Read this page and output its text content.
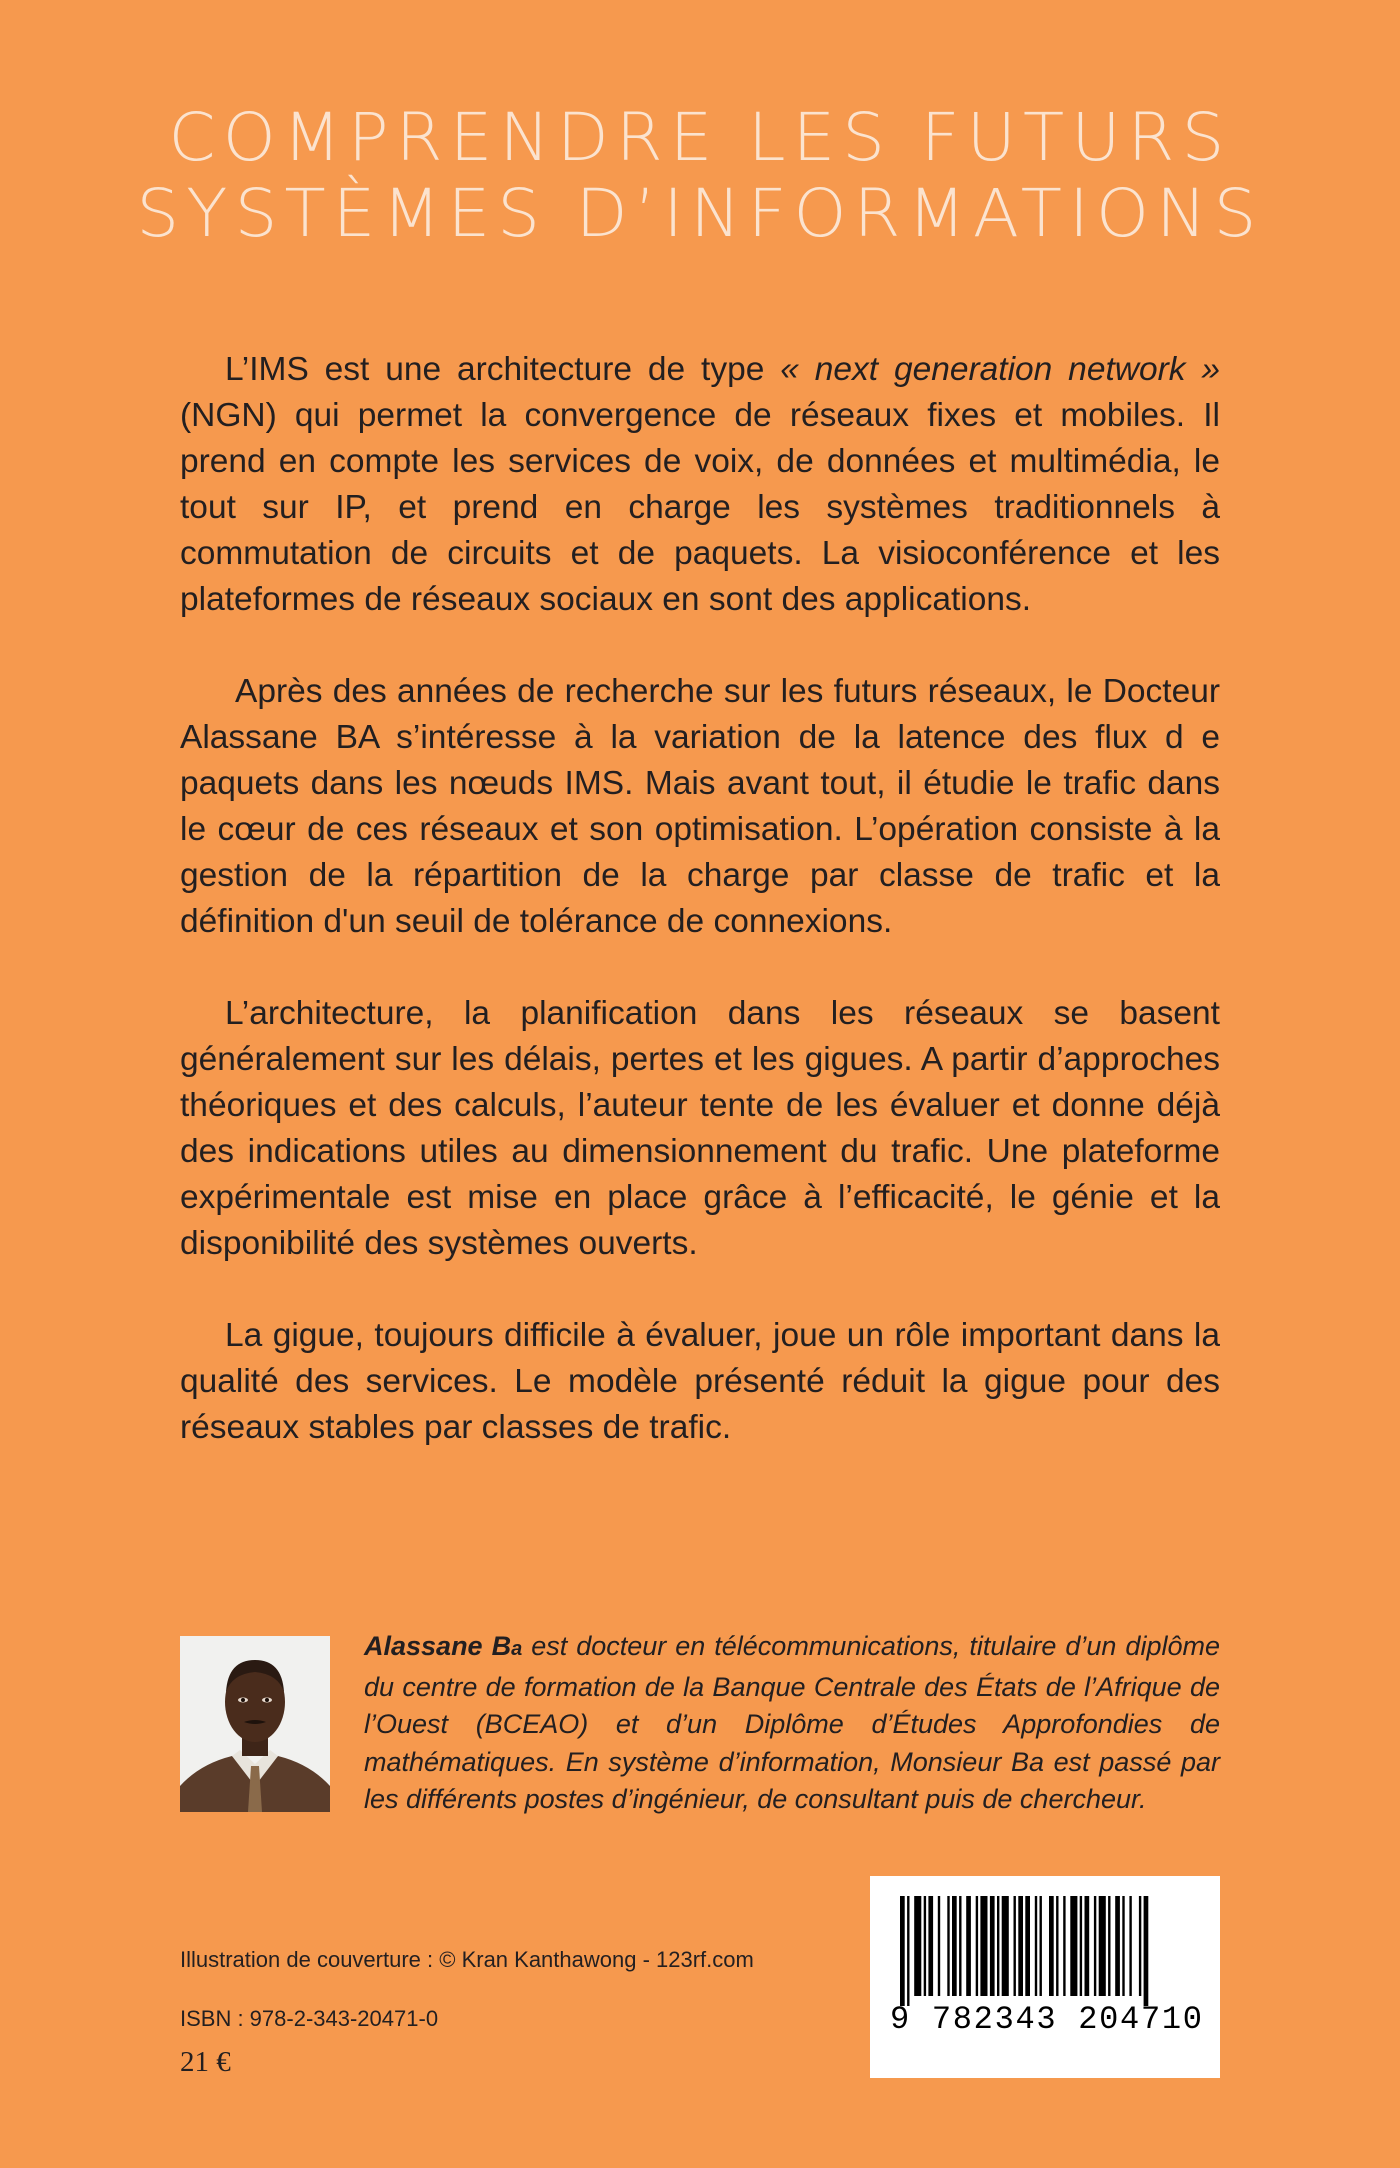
COMPRENDRE LES FUTURS
SYSTÈMES D’INFORMATIONS

L’IMS est une architecture de type « next generation network » (NGN) qui permet la convergence de réseaux fixes et mobiles. Il prend en compte les services de voix, de données et multimédia, le tout sur IP, et prend en charge les systèmes traditionnels à commutation de circuits et de paquets. La visioconférence et les plateformes de réseaux sociaux en sont des applications.

Après des années de recherche sur les futurs réseaux, le Docteur Alassane BA s’intéresse à la variation de la latence des flux d e paquets dans les nœuds IMS. Mais avant tout, il étudie le trafic dans le cœur de ces réseaux et son optimisation. L’opération consiste à la gestion de la répartition de la charge par classe de trafic et la définition d'un seuil de tolérance de connexions.

L’architecture, la planification dans les réseaux se basent généralement sur les délais, pertes et les gigues. A partir d’approches théoriques et des calculs, l’auteur tente de les évaluer et donne déjà des indications utiles au dimensionnement du trafic. Une plateforme expérimentale est mise en place grâce à l’efficacité, le génie et la disponibilité des systèmes ouverts.

La gigue, toujours difficile à évaluer, joue un rôle important dans la qualité des services. Le modèle présenté réduit la gigue pour des réseaux stables par classes de trafic.

Alassane Ba est docteur en télécommunications, titulaire d’un diplôme du centre de formation de la Banque Centrale des États de l’Afrique de l’Ouest (BCEAO) et d’un Diplôme d’Études Approfondies de mathématiques. En système d’information, Monsieur Ba est passé par les différents postes d’ingénieur, de consultant puis de chercheur.
9 782343 204710
Illustration de couverture : © Kran Kanthawong - 123rf.com
ISBN : 978-2-343-20471-0
21 €
